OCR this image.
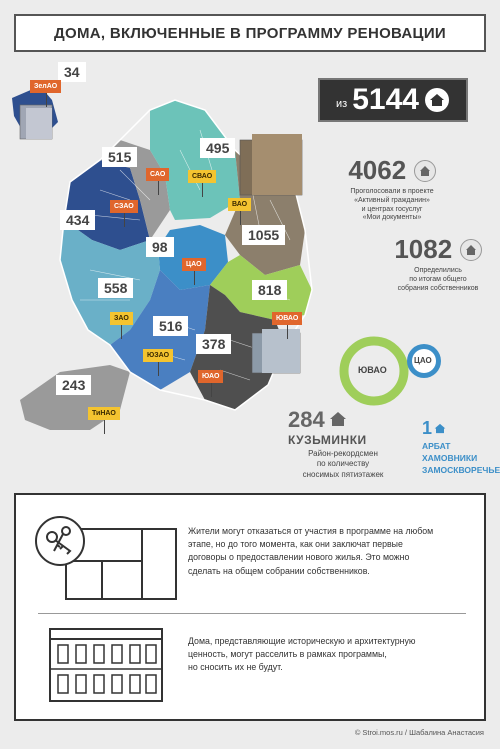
ДОМА, ВКЛЮЧЕННЫЕ В ПРОГРАММУ РЕНОВАЦИИ
34
ЗелАО
515
САО
495
СВАО
434
СЗАО
1055
ВАО
98
ЦАО
558
ЗАО
818
ЮВАО
516
ЮЗАО
378
ЮАО
243
ТиНАО
из 5144
4062
Проголосовали в проекте
«Активный гражданин»
и центрах госуслуг
«Мои документы»
1082
Определились
по итогам общего
собрания собственников
ЮВАО
ЦАО
284
КУЗЬМИНКИ
Район-рекордсмен
по количеству
сносимых пятиэтажек
1
АРБАТ
ХАМОВНИКИ
ЗАМОСКВОРЕЧЬЕ
Жители могут отказаться от участия в программе на любом
этапе, но до того момента, как они заключат первые
договоры о предоставлении нового жилья. Это можно
сделать на общем собрании собственников.
Дома, представляющие историческую и архитектурную
ценность, могут расселить в рамках программы,
но сносить их не будут.
© Stroi.mos.ru / Шабалина Анастасия
